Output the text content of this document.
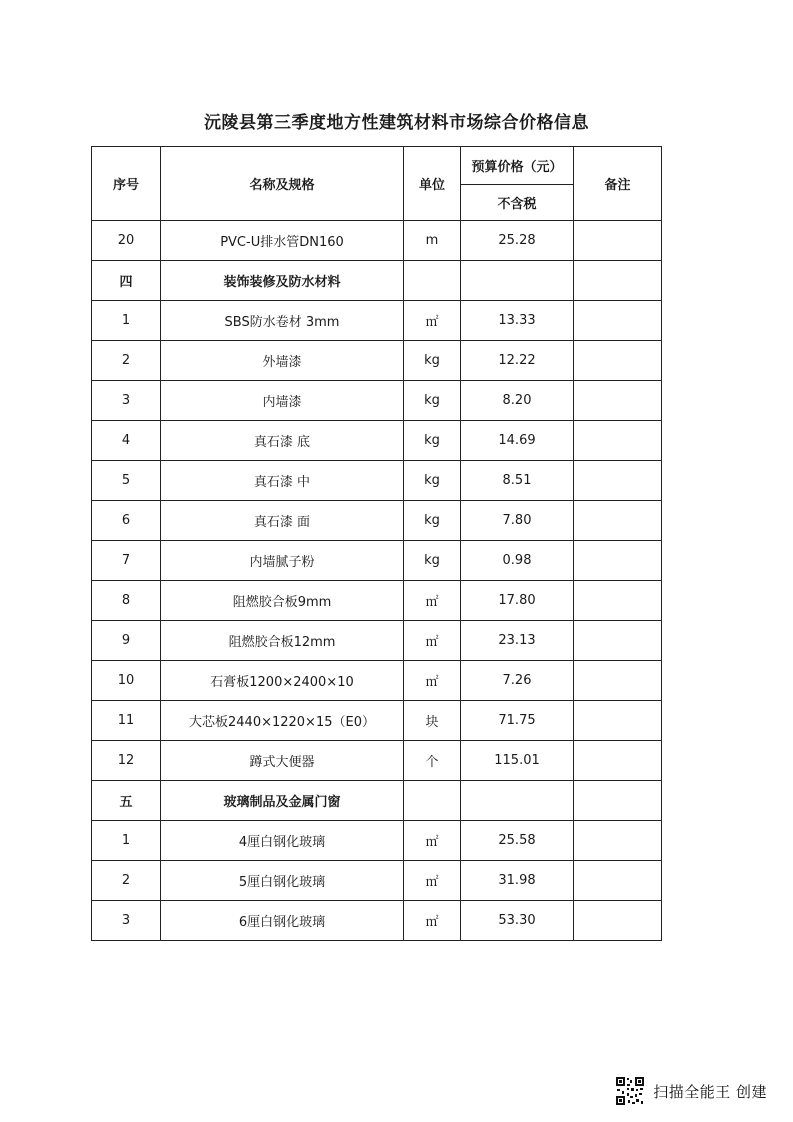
沅陵县第三季度地方性建筑材料市场综合价格信息
序号	名称及规格	单位	预算价格（元）	备注
			不含税	
20	PVC-U排水管DN160	m	25.28	
四	装饰装修及防水材料			
1	SBS防水卷材 3mm	㎡	13.33	
2	外墙漆	kg	12.22	
3	内墙漆	kg	8.20	
4	真石漆 底	kg	14.69	
5	真石漆 中	kg	8.51	
6	真石漆 面	kg	7.80	
7	内墙腻子粉	kg	0.98	
8	阻燃胶合板9mm	㎡	17.80	
9	阻燃胶合板12mm	㎡	23.13	
10	石膏板1200×2400×10	㎡	7.26	
11	大芯板2440×1220×15（E0）	块	71.75	
12	蹲式大便器	个	115.01	
五	玻璃制品及金属门窗			
1	4厘白钢化玻璃	㎡	25.58	
2	5厘白钢化玻璃	㎡	31.98	
3	6厘白钢化玻璃	㎡	53.30	
扫描全能王 创建
